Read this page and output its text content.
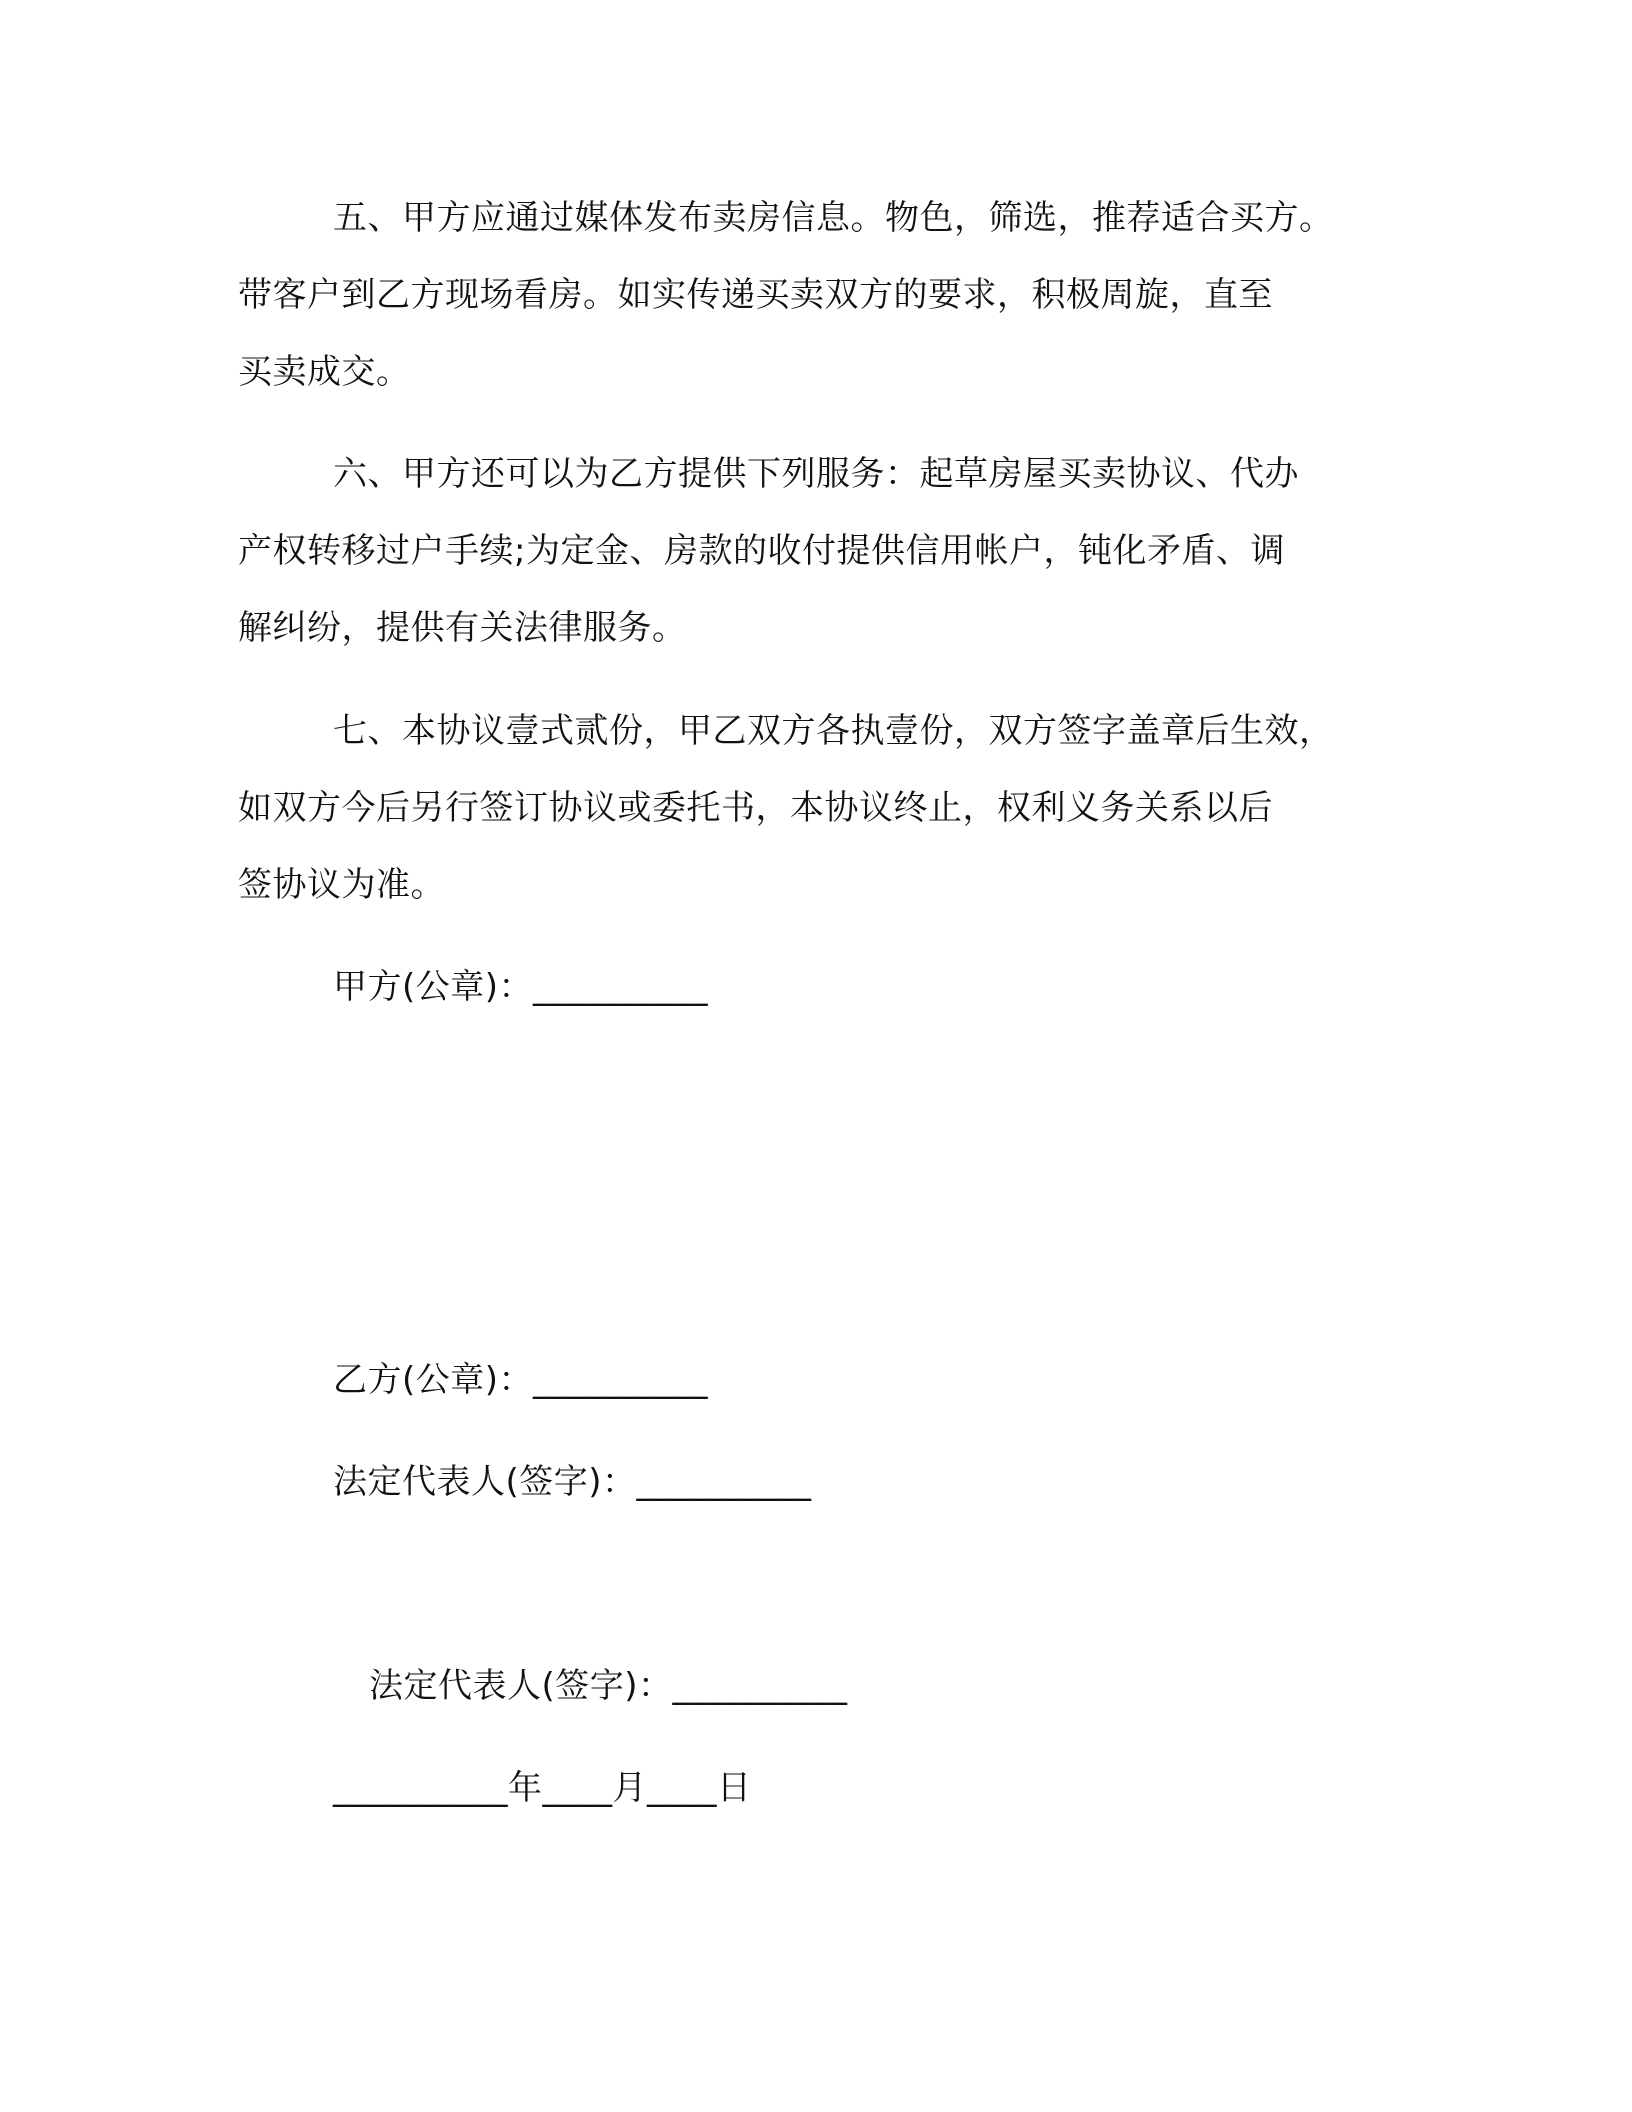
五、甲方应通过媒体发布卖房信息。物色，筛选，推荐适合买方。
带客户到乙方现场看房。如实传递买卖双方的要求，积极周旋，直至
买卖成交。
六、甲方还可以为乙方提供下列服务：起草房屋买卖协议、代办
产权转移过户手续;为定金、房款的收付提供信用帐户，钝化矛盾、调
解纠纷，提供有关法律服务。
七、本协议壹式贰份，甲乙双方各执壹份，双方签字盖章后生效，
如双方今后另行签订协议或委托书，本协议终止，权利义务关系以后
签协议为准。
甲方(公章)：__________
乙方(公章)：__________
法定代表人(签字)：__________
法定代表人(签字)：__________
__________年____月____日
